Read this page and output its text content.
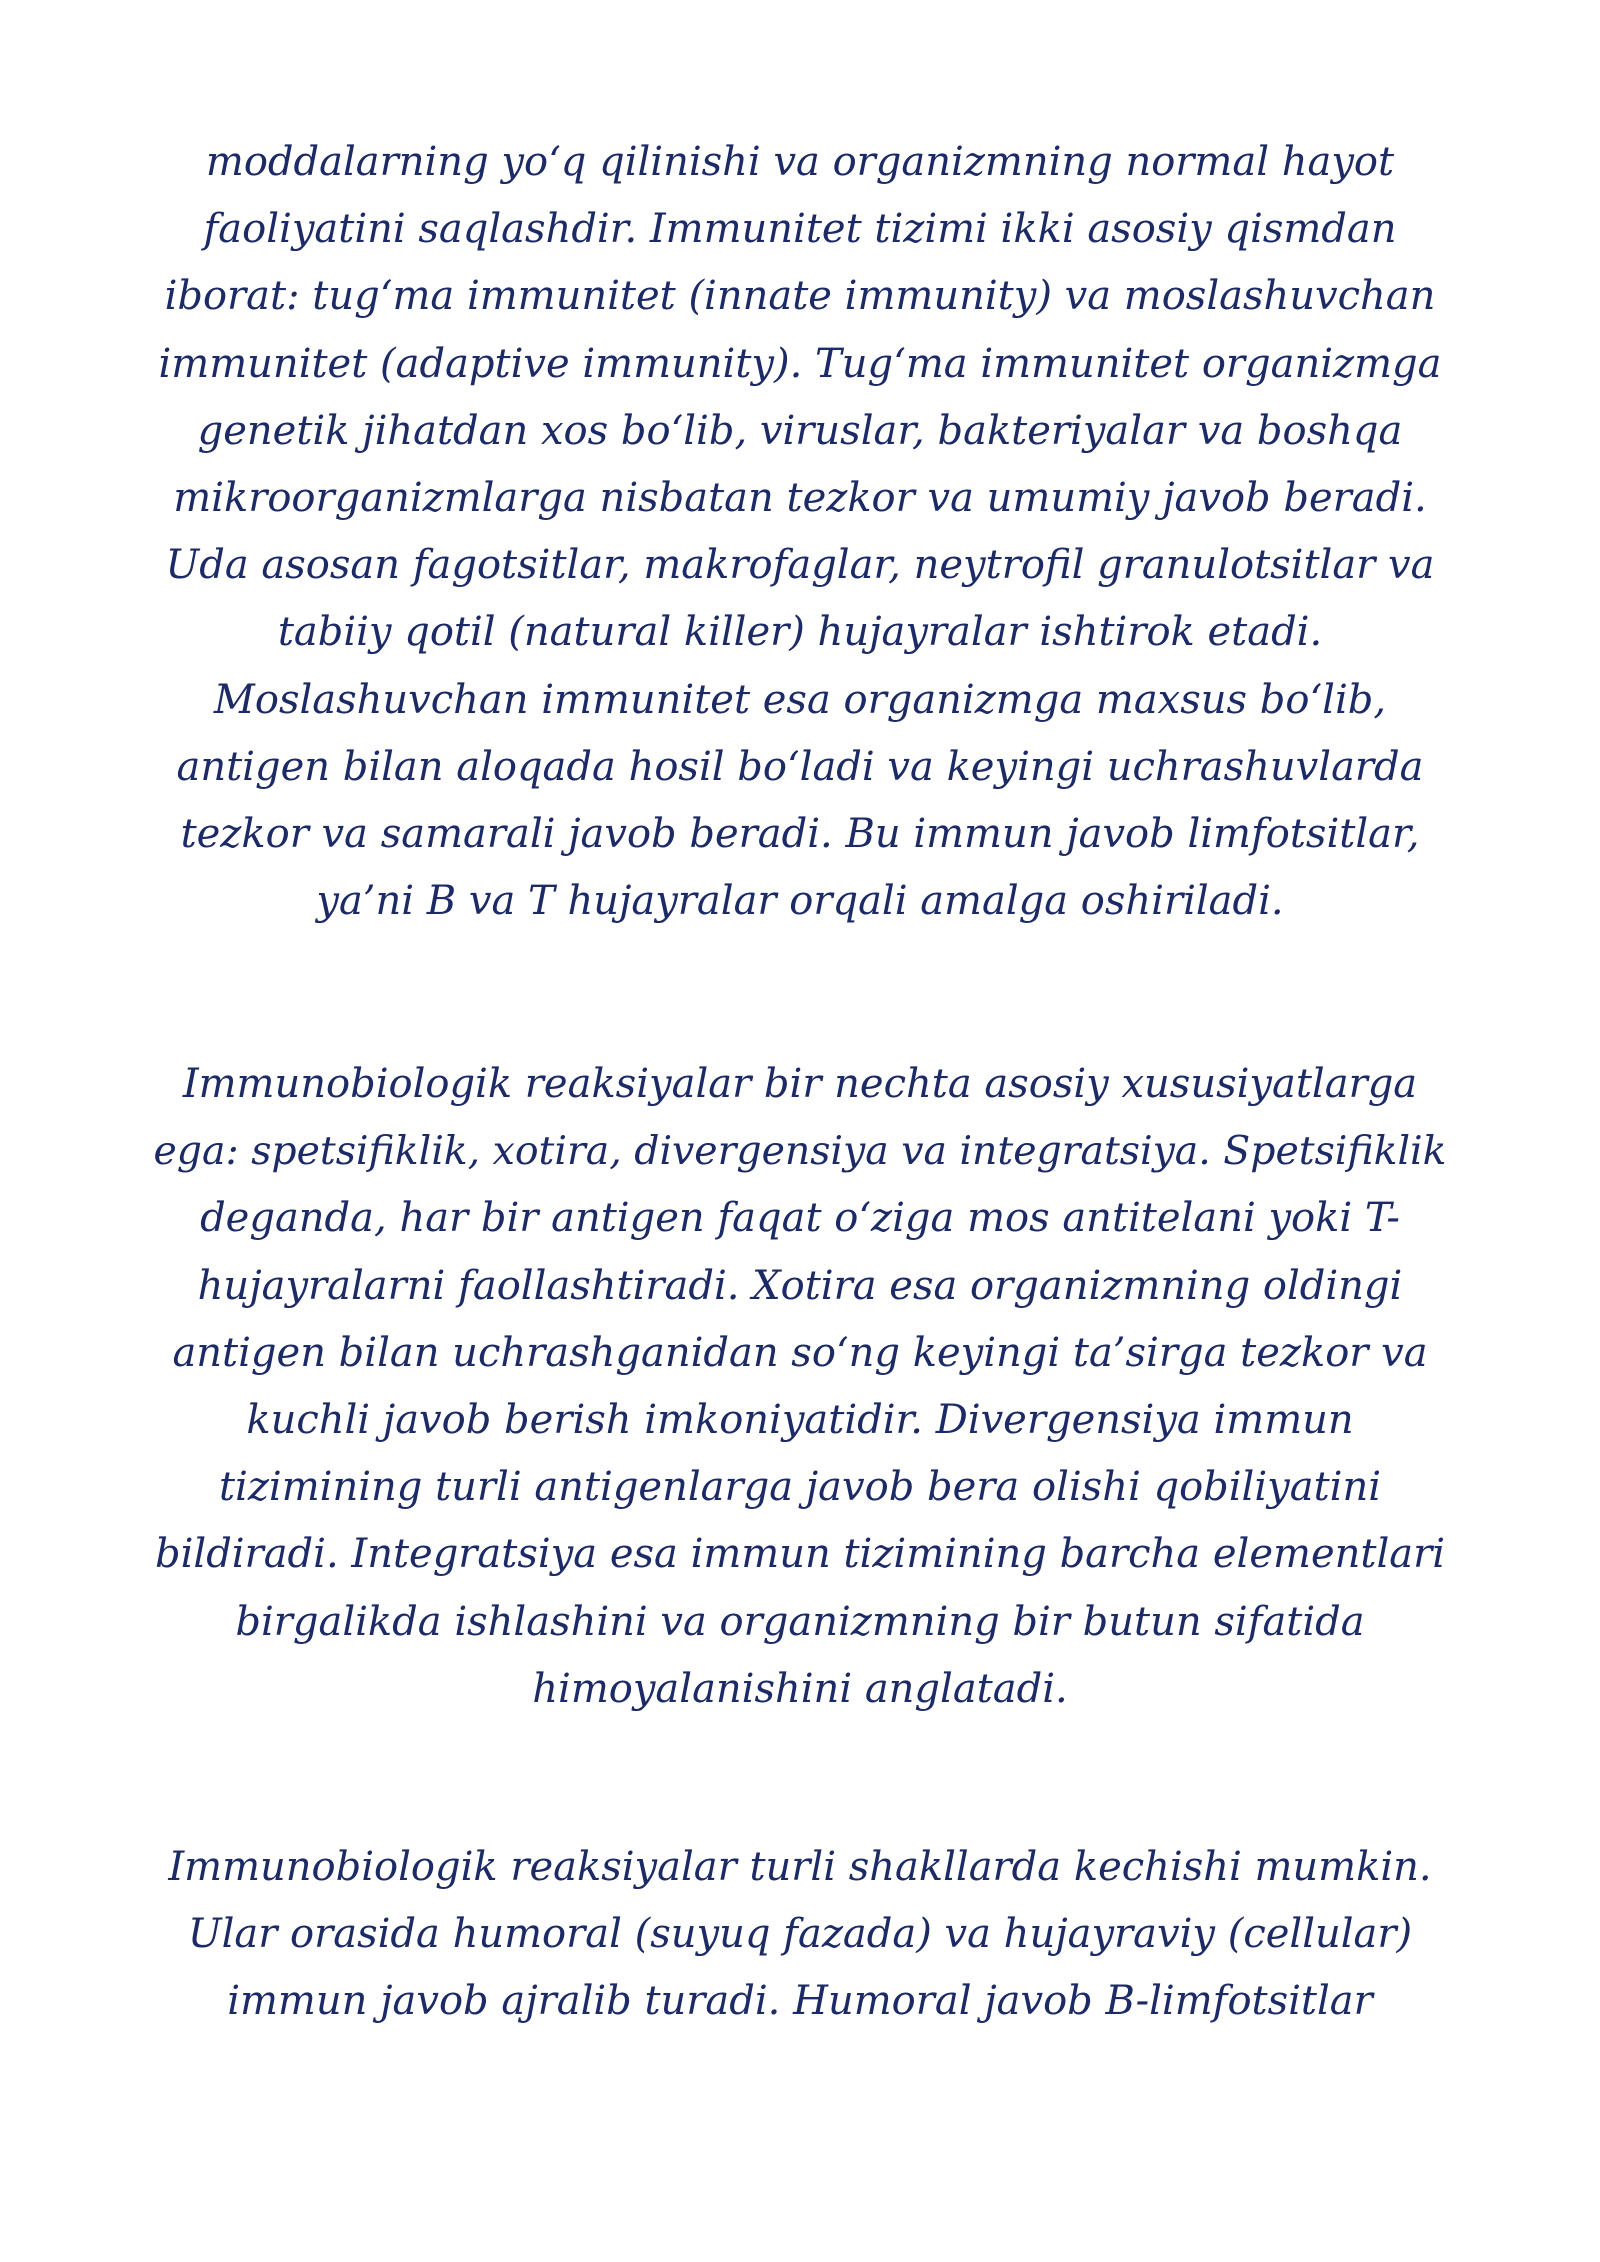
moddalarning yo‘q qilinishi va organizmning normal hayot
faoliyatini saqlashdir. Immunitet tizimi ikki asosiy qismdan
iborat: tug‘ma immunitet (innate immunity) va moslashuvchan
immunitet (adaptive immunity). Tug‘ma immunitet organizmga
genetik jihatdan xos bo‘lib, viruslar, bakteriyalar va boshqa
mikroorganizmlarga nisbatan tezkor va umumiy javob beradi.
Uda asosan fagotsitlar, makrofaglar, neytrofil granulotsitlar va
tabiiy qotil (natural killer) hujayralar ishtirok etadi.
Moslashuvchan immunitet esa organizmga maxsus bo‘lib,
antigen bilan aloqada hosil bo‘ladi va keyingi uchrashuvlarda
tezkor va samarali javob beradi. Bu immun javob limfotsitlar,
ya’ni B va T hujayralar orqali amalga oshiriladi.

Immunobiologik reaksiyalar bir nechta asosiy xususiyatlarga
ega: spetsifiklik, xotira, divergensiya va integratsiya. Spetsifiklik
deganda, har bir antigen faqat o‘ziga mos antitelani yoki T-
hujayralarni faollashtiradi. Xotira esa organizmning oldingi
antigen bilan uchrashganidan so‘ng keyingi ta’sirga tezkor va
kuchli javob berish imkoniyatidir. Divergensiya immun
tizimining turli antigenlarga javob bera olishi qobiliyatini
bildiradi. Integratsiya esa immun tizimining barcha elementlari
birgalikda ishlashini va organizmning bir butun sifatida
himoyalanishini anglatadi.

Immunobiologik reaksiyalar turli shakllarda kechishi mumkin.
Ular orasida humoral (suyuq fazada) va hujayraviy (cellular)
immun javob ajralib turadi. Humoral javob B-limfotsitlar
